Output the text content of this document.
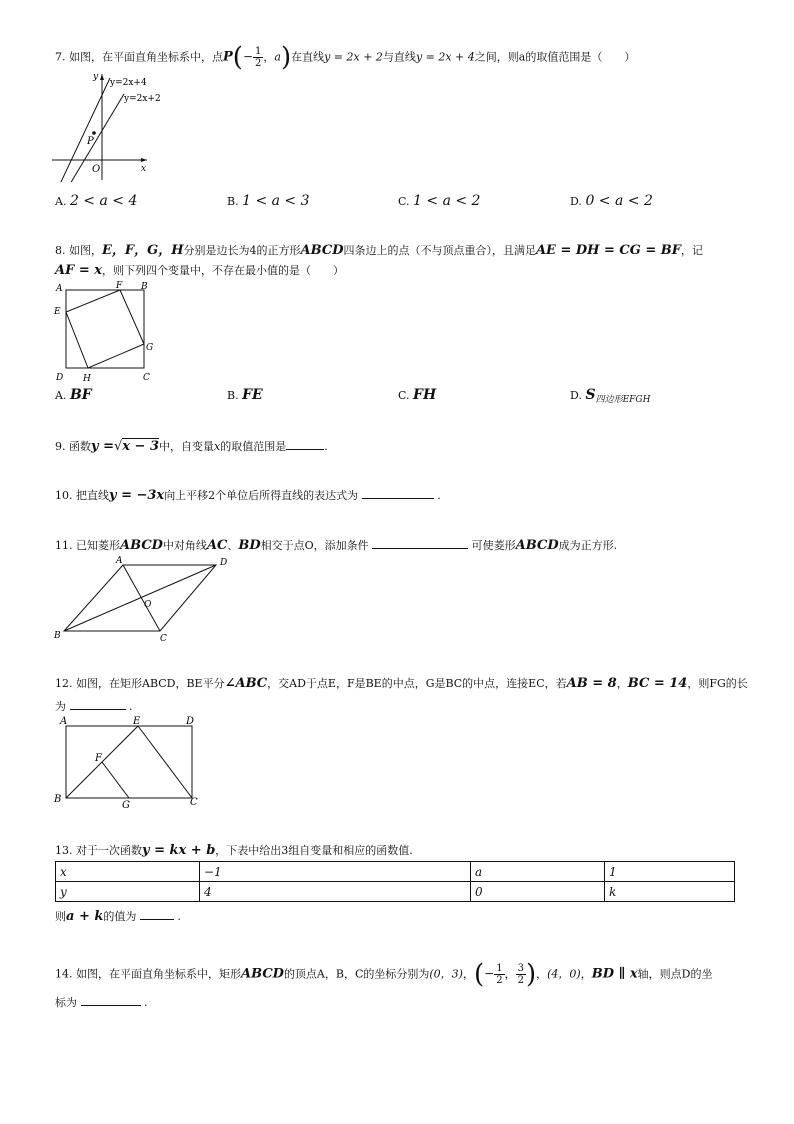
7. 如图，在平面直角坐标系中，点$P(- \frac{1}{2}$ ，a)在直线y = 2x + 2与直线y = 2x + 4之间，则a的取值范围是（　　）
y=2x+4
y=2x+2
y
x
P
O
A. 2 < a < 4	B. 1 < a < 3	C. 1 < a < 2	D. 0 < a < 2
8. 如图，E，F，G，H分别是边长为4的正方形ABCD四条边上的点（不与顶点重合），且满足AE = DH = CG = BF，记
AF = x，则下列四个变量中，不存在最小值的是（　　）
A	B
C
D
E
F
G
H
A. BF	B. FE	C. FH	D. $S_{四边形EFGH}$
9. 函数y =√x − 3中，自变量x的取值范围是	.
10. 把直线y = −3x向上平移2个单位后所得直线的表达式为	.
11. 已知菱形ABCD中对角线AC、BD相交于点O，添加条件	可使菱形ABCD成为正方形.
A	D
B	C
O
12. 如图，在矩形ABCD，BE平分∠ABC，交AD于点E，F是BE的中点，G是BC的中点，连接EC，若AB = 8，BC = 14，则FG的长
为	.
A	E	D
B
G	C
F
13. 对于一次函数y = kx + b，下表中给出3组自变量和相应的函数值.
x	−1	a	1
y	4	0	k
则a + k的值为	.
14. 如图，在平面直角坐标系中，矩形ABCD的顶点A，B，C的坐标分别为(0，3)，(− $\frac{1}{2}$ ， $\frac{3}{2}$ )，(4，0)，BD ∥ x轴，则点D的坐
标为	.
